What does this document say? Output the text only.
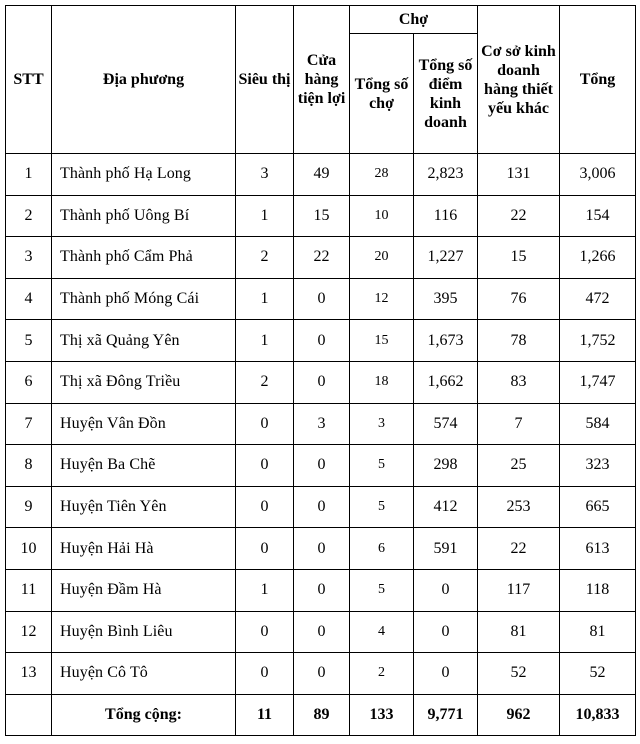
STT	Địa phương	Siêu thị	Cửa hàng tiện lợi	Chợ		Cơ sở kinh doanh hàng thiết yếu khác	Tổng
				Tổng số chợ	Tổng số điểm kinh doanh		
1	Thành phố Hạ Long	3	49	28	2,823	131	3,006
2	Thành phố Uông Bí	1	15	10	116	22	154
3	Thành phố Cẩm Phả	2	22	20	1,227	15	1,266
4	Thành phố Móng Cái	1	0	12	395	76	472
5	Thị xã Quảng Yên	1	0	15	1,673	78	1,752
6	Thị xã Đông Triều	2	0	18	1,662	83	1,747
7	Huyện Vân Đồn	0	3	3	574	7	584
8	Huyện Ba Chẽ	0	0	5	298	25	323
9	Huyện Tiên Yên	0	0	5	412	253	665
10	Huyện Hải Hà	0	0	6	591	22	613
11	Huyện Đầm Hà	1	0	5	0	117	118
12	Huyện Bình Liêu	0	0	4	0	81	81
13	Huyện Cô Tô	0	0	2	0	52	52
	Tổng cộng:	11	89	133	9,771	962	10,833
